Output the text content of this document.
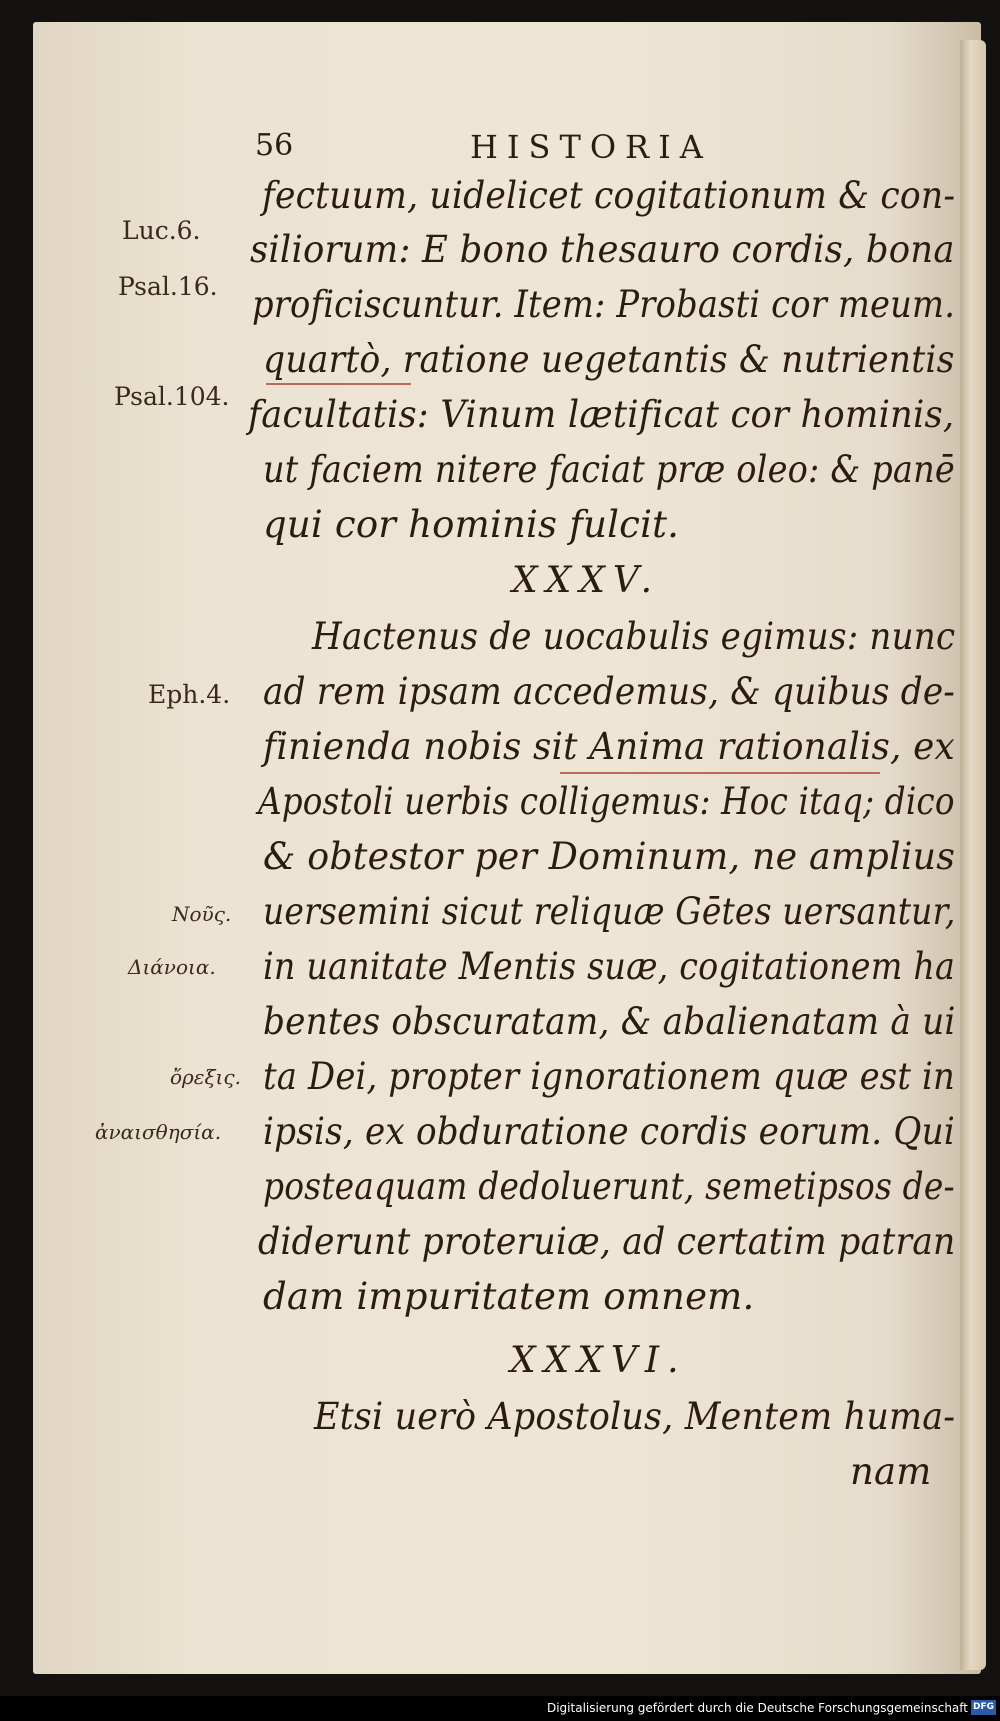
56	HISTORIA
Luc.6.
Psal.16.
Psal.104.
Eph.4.
Νοῦς.
Διάνοια.
ὄρεξις.
ἀναισθησία.
fectuum, uidelicet cogitationum & con-
siliorum: E bono thesauro cordis, bona
proficiscuntur. Item: Probasti cor meum.
quartò, ratione uegetantis & nutrientis
facultatis: Vinum lætificat cor hominis,
ut faciem nitere faciat præ oleo: & panē
qui cor hominis fulcit.
XXXV.
Hactenus de uocabulis egimus: nunc
ad rem ipsam accedemus, & quibus de-
finienda nobis sit Anima rationalis, ex
Apostoli uerbis colligemus: Hoc itaq; dico
& obtestor per Dominum, ne amplius
uersemini sicut reliquæ Gētes uersantur,
in uanitate Mentis suæ, cogitationem ha
bentes obscuratam, & abalienatam à ui
ta Dei, propter ignorationem quæ est in
ipsis, ex obduratione cordis eorum. Qui
posteaquam dedoluerunt, semetipsos de-
diderunt proteruiæ, ad certatim patran
dam impuritatem omnem.
XXXVI.
Etsi uerò Apostolus, Mentem huma-
nam
Digitalisierung gefördert durch die Deutsche Forschungsgemeinschaft DFG
